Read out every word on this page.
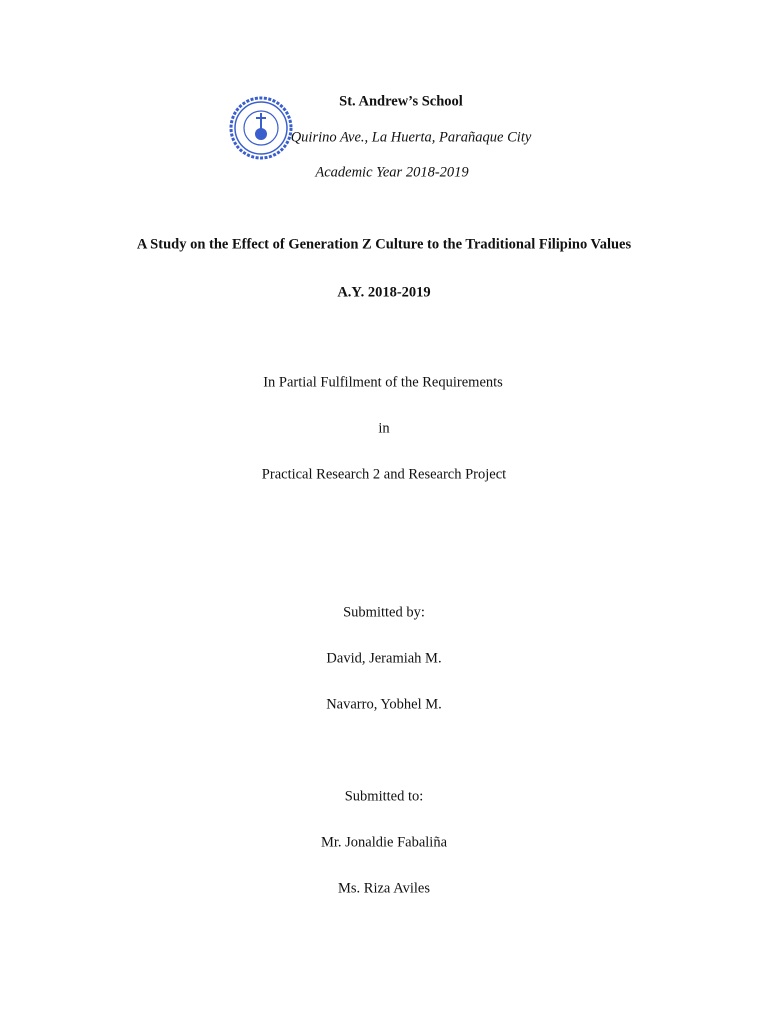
St. Andrew’s School
Quirino Ave., La Huerta, Parañaque City
Academic Year 2018-2019
A Study on the Effect of Generation Z Culture to the Traditional Filipino Values
A.Y. 2018-2019
In Partial Fulfilment of the Requirements
in
Practical Research 2 and Research Project
Submitted by:
David, Jeramiah M.
Navarro, Yobhel M.
Submitted to:
Mr. Jonaldie Fabaliña
Ms. Riza Aviles
